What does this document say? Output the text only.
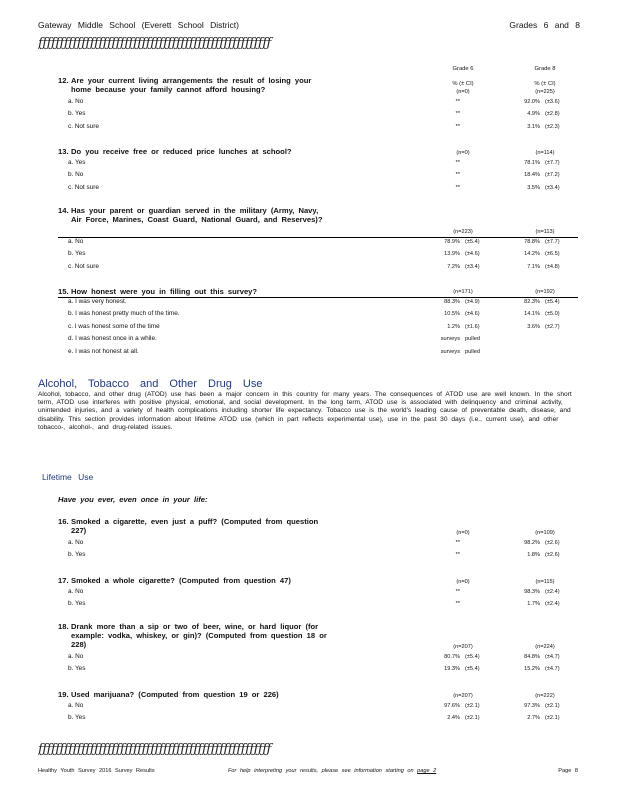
Gateway Middle School (Everett School District)	Grades 6 and 8
ƒƒƒƒƒƒƒƒƒƒƒƒƒƒƒƒƒƒƒƒƒƒƒƒƒƒƒƒƒƒƒƒƒƒƒƒƒƒƒƒƒƒƒƒƒƒƒƒƒƒƒƒƒƒ
Grade 6	Grade 8
% (± CI)	% (± CI)
12. Are your current living arrangements the result of losing your home because your family cannot afford housing?	(n=0)	(n=225)
a. No	**	92.0% (±3.6)
b. Yes	**	4.9% (±2.8)
c. Not sure	**	3.1% (±2.3)
13. Do you receive free or reduced price lunches at school?	(n=0)	(n=114)
a. Yes	**	78.1% (±7.7)
b. No	**	18.4% (±7.2)
c. Not sure	**	3.5% (±3.4)
14. Has your parent or guardian served in the military (Army, Navy, Air Force, Marines, Coast Guard, National Guard, and Reserves)?
(n=223)	(n=113)
a. No	78.9% (±5.4)	78.8% (±7.7)
b. Yes	13.9% (±4.6)	14.2% (±6.5)
c. Not sure	7.2% (±3.4)	7.1% (±4.8)
15. How honest were you in filling out this survey?	(n=171)	(n=192)
a. I was very honest.	88.3% (±4.9)	82.3% (±5.4)
b. I was honest pretty much of the time.	10.5% (±4.6)	14.1% (±5.0)
c. I was honest some of the time	1.2% (±1.6)	3.6% (±2.7)
d. I was honest once in a while.	surveys pulled
e. I was not honest at all.	surveys pulled
Alcohol, Tobacco and Other Drug Use
Alcohol, tobacco, and other drug (ATOD) use has been a major concern in this country for many years. The consequences of ATOD use are well known. In the short term, ATOD use interferes with positive physical, emotional, and social development. In the long term, ATOD use is associated with delinquency and criminal activity, unintended injuries, and a variety of health complications including shorter life expectancy. Tobacco use is the world's leading cause of preventable death, disease, and disability. This section provides information about lifetime ATOD use (which in part reflects experimental use), use in the past 30 days (i.e., current use), and other tobacco-, alcohol-, and drug-related issues.
Lifetime Use
Have you ever, even once in your life:
16. Smoked a cigarette, even just a puff? (Computed from question 227)	(n=0)	(n=109)
a. No	**	98.2% (±2.6)
b. Yes	**	1.8% (±2.6)
17. Smoked a whole cigarette? (Computed from question 47)	(n=0)	(n=115)
a. No	**	98.3% (±2.4)
b. Yes	**	1.7% (±2.4)
18. Drank more than a sip or two of beer, wine, or hard liquor (for example: vodka, whiskey, or gin)? (Computed from question 18 or 228)	(n=207)	(n=224)
a. No	80.7% (±5.4)	84.8% (±4.7)
b. Yes	19.3% (±5.4)	15.2% (±4.7)
19. Used marijuana? (Computed from question 19 or 226)	(n=207)	(n=222)
a. No	97.6% (±2.1)	97.3% (±2.1)
b. Yes	2.4% (±2.1)	2.7% (±2.1)
ƒƒƒƒƒƒƒƒƒƒƒƒƒƒƒƒƒƒƒƒƒƒƒƒƒƒƒƒƒƒƒƒƒƒƒƒƒƒƒƒƒƒƒƒƒƒƒƒƒƒƒƒƒƒ
Healthy Youth Survey 2016 Survey Results	For help interpreting your results, please see information starting on page 2	Page 8
